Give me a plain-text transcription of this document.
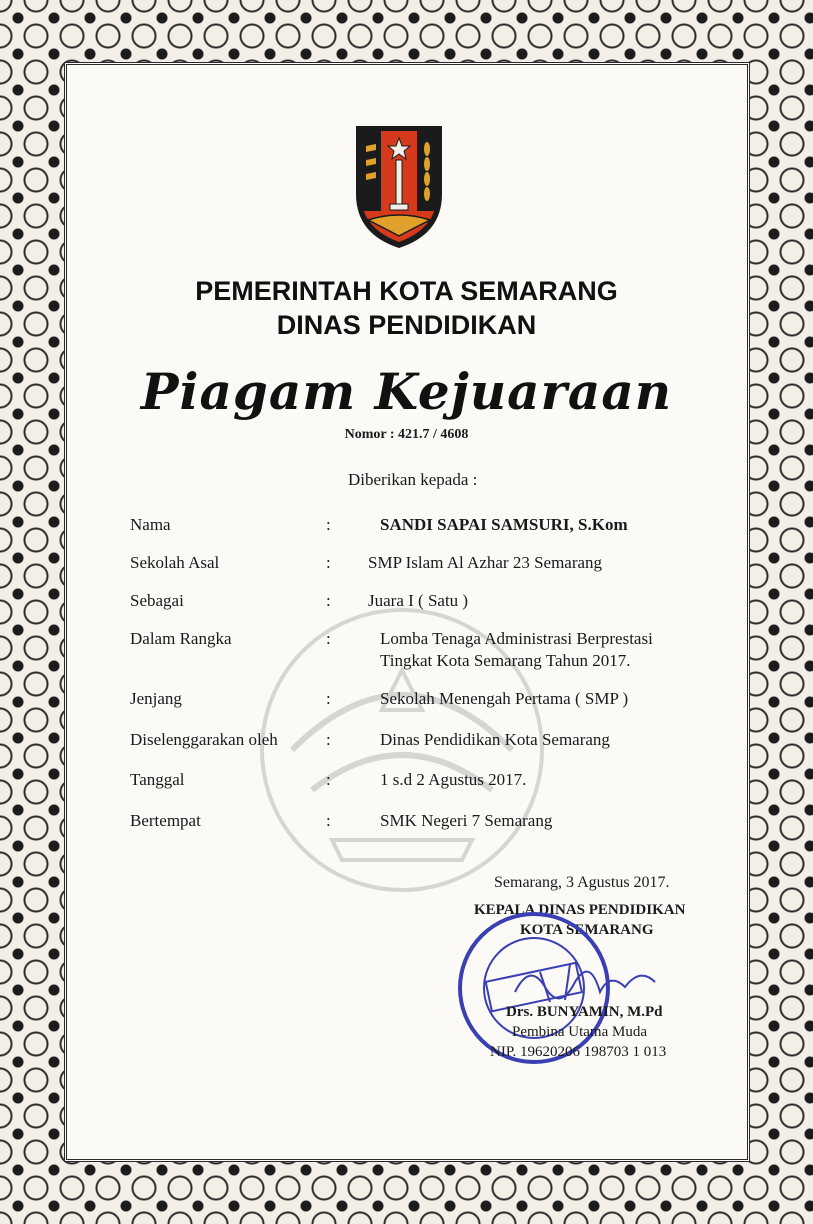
PEMERINTAH KOTA SEMARANG
DINAS PENDIDIKAN
Piagam Kejuaraan
Nomor : 421.7 / 4608
Diberikan kepada :
Nama	:	SANDI SAPAI SAMSURI, S.Kom
Sekolah Asal	: SMP Islam Al Azhar 23 Semarang
Sebagai	: Juara I ( Satu )
Dalam Rangka	:	Lomba Tenaga Administrasi Berprestasi
Tingkat Kota Semarang Tahun 2017.
Jenjang	:	Sekolah Menengah Pertama ( SMP )
Diselenggarakan oleh	:	Dinas Pendidikan Kota Semarang
Tanggal	:	1 s.d 2 Agustus 2017.
Bertempat	:	SMK Negeri 7 Semarang
Semarang, 3 Agustus 2017.
KEPALA DINAS PENDIDIKAN
KOTA SEMARANG
Drs. BUNYAMIN, M.Pd
Pembina Utama Muda
NIP. 19620206 198703 1 013
